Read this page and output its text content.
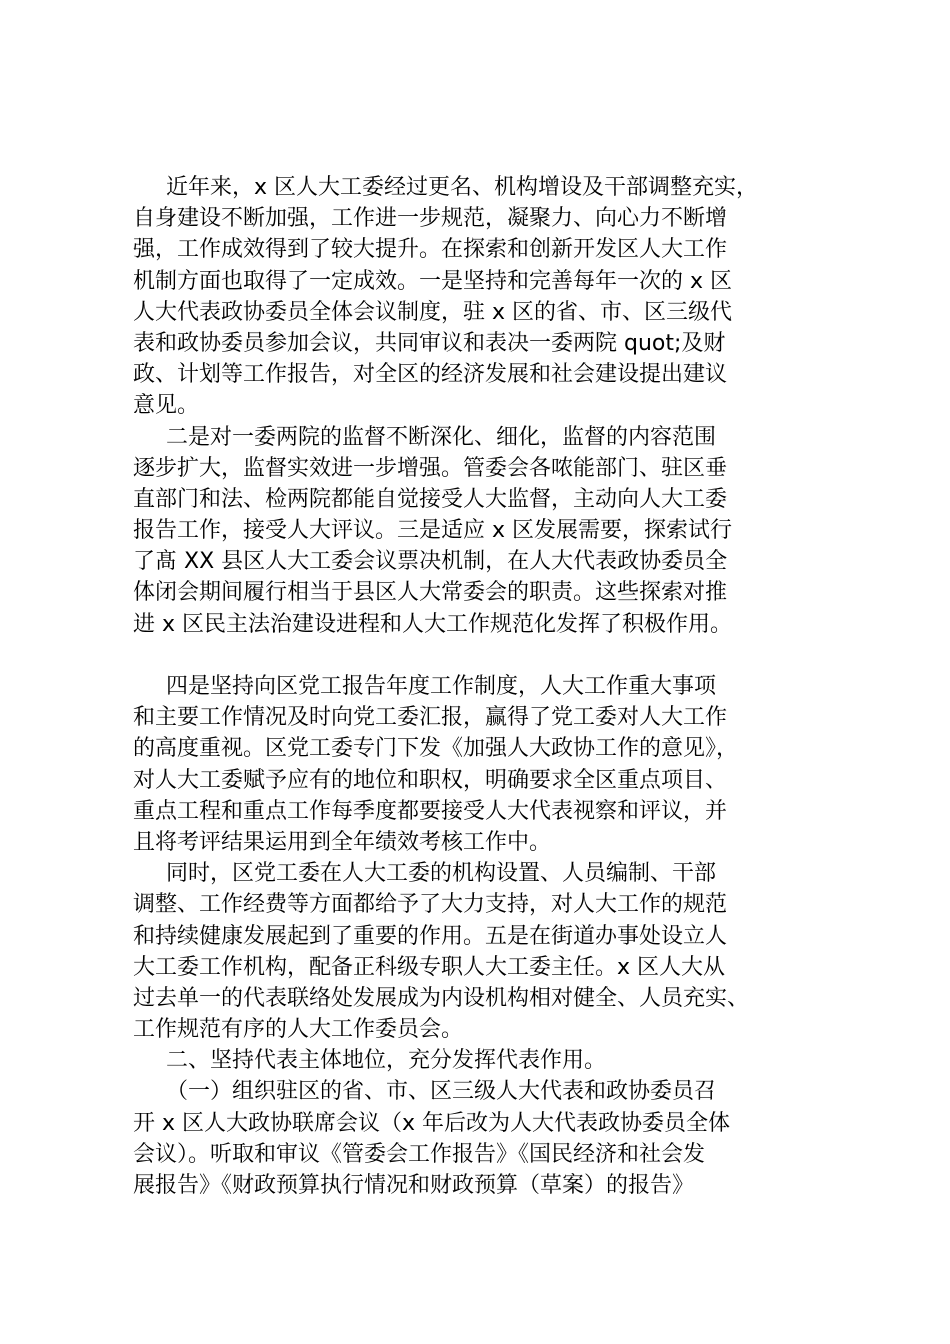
近年来，x 区人大工委经过更名、机构增设及干部调整充实，
自身建设不断加强，工作进一步规范，凝聚力、向心力不断增
强，工作成效得到了较大提升。在探索和创新开发区人大工作
机制方面也取得了一定成效。一是坚持和完善每年一次的 x 区
人大代表政协委员全体会议制度，驻 x 区的省、市、区三级代
表和政协委员参加会议，共同审议和表决一委两院 quot;及财
政、计划等工作报告，对全区的经济发展和社会建设提出建议
意见。
二是对一委两院的监督不断深化、细化，监督的内容范围
逐步扩大，监督实效进一步增强。管委会各哝能部门、驻区垂
直部门和法、检两院都能自觉接受人大监督，主动向人大工委
报告工作，接受人大评议。三是适应 x 区发展需要，探索试行
了髙 XX 县区人大工委会议票决机制，在人大代表政协委员全
体闭会期间履行相当于县区人大常委会的职责。这些探索对推
进 x 区民主法治建设进程和人大工作规范化发挥了积极作用。
四是坚持向区党工报告年度工作制度，人大工作重大事项
和主要工作情况及时向党工委汇报，赢得了党工委对人大工作
的高度重视。区党工委专门下发《加强人大政协工作的意见》，
对人大工委赋予应有的地位和职权，明确要求全区重点项目、
重点工程和重点工作每季度都要接受人大代表视察和评议，并
且将考评结果运用到全年绩效考核工作中。
同时，区党工委在人大工委的机构设置、人员编制、干部
调整、工作经费等方面都给予了大力支持，对人大工作的规范
和持续健康发展起到了重要的作用。五是在街道办事处设立人
大工委工作机构，配备正科级专职人大工委主任。x 区人大从
过去单一的代表联络处发展成为内设机构相对健全、人员充实、
工作规范有序的人大工作委员会。
二、坚持代表主体地位，充分发挥代表作用。
（一）组织驻区的省、市、区三级人大代表和政协委员召
开 x 区人大政协联席会议（x 年后改为人大代表政协委员全体
会议）。听取和审议《管委会工作报告》《国民经济和社会发
展报告》《财政预算执行情况和财政预算（草案）的报告》
